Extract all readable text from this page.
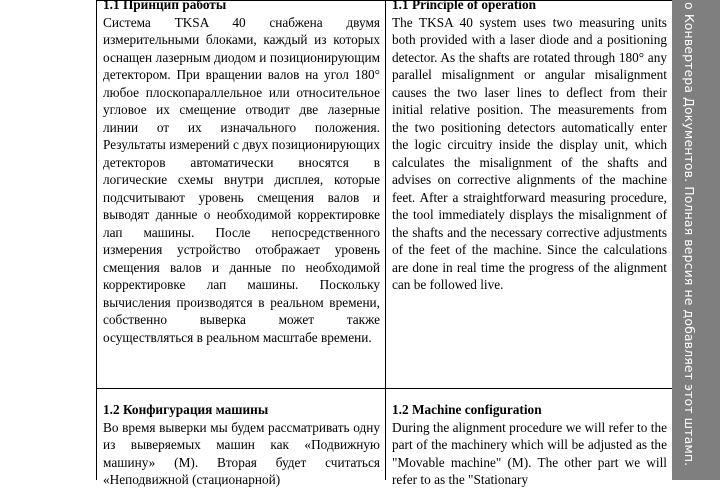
1.1 Принцип работы

Система TKSA 40 снабжена двумя измерительными блоками, каждый из которых оснащен лазерным диодом и позиционирующим детектором. При вращении валов на угол 180° любое плоскопараллельное или относительное угловое их смещение отводит две лазерные линии от их изначального положения. Результаты измерений с двух позиционирующих детекторов автоматически вносятся в логические схемы внутри дисплея, которые подсчитывают уровень смещения валов и выводят данные о необходимой корректировке лап машины. После непосредственного измерения устройство отображает уровень смещения валов и данные по необходимой корректировке лап машины. Поскольку вычисления производятся в реальном времени, собственно выверка может также осуществляться в реальном масштабе времени.

1.1 Principle of operation

The TKSA 40 system uses two measuring units both provided with a laser diode and a positioning detector. As the shafts are rotated through 180° any parallel misalignment or angular misalignment causes the two laser lines to deflect from their initial relative position. The measurements from the two positioning detectors automatically enter the logic circuitry inside the display unit, which calculates the misalignment of the shafts and advises on corrective alignments of the machine feet. After a straightforward measuring procedure, the tool immediately displays the misalignment of the shafts and the necessary corrective adjustments of the feet of the machine. Since the calculations are done in real time the progress of the alignment can be followed live.

1.2 Конфигурация машины

Во время выверки мы будем рассматривать одну из выверяемых машин как «Подвижную машину» (M). Вторая будет считаться «Неподвижной (стационарной)

1.2 Machine configuration

During the alignment procedure we will refer to the part of the machinery which will be adjusted as the "Movable machine" (M). The other part we will refer to as the "Stationary

о Конвертера Документов. Полная версия не добавляет этот штамп.
